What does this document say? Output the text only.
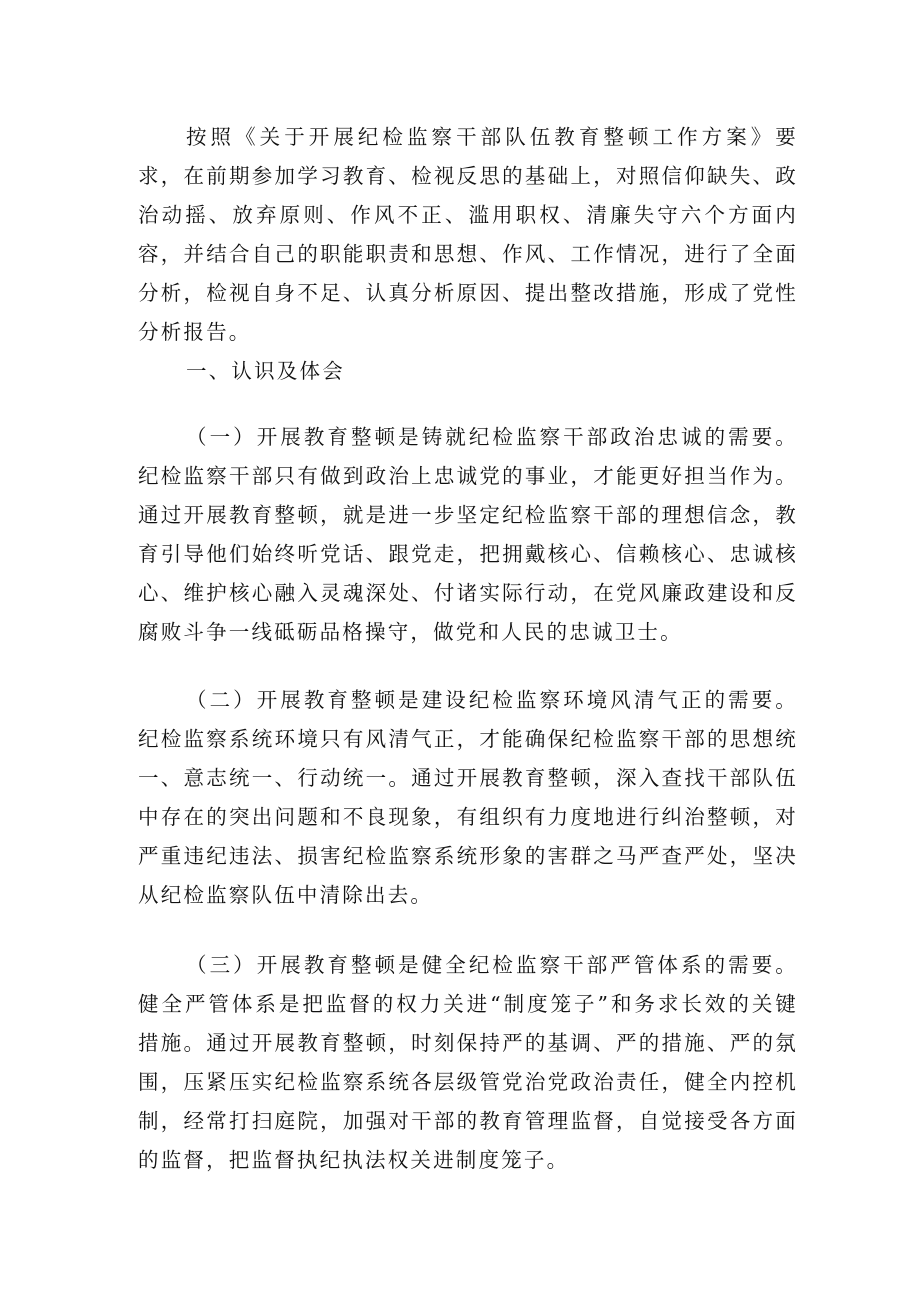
按照《关于开展纪检监察干部队伍教育整顿工作方案》要求，在前期参加学习教育、检视反思的基础上，对照信仰缺失、政治动摇、放弃原则、作风不正、滥用职权、清廉失守六个方面内容，并结合自己的职能职责和思想、作风、工作情况，进行了全面分析，检视自身不足、认真分析原因、提出整改措施，形成了党性分析报告。

一、认识及体会

（一）开展教育整顿是铸就纪检监察干部政治忠诚的需要。纪检监察干部只有做到政治上忠诚党的事业，才能更好担当作为。通过开展教育整顿，就是进一步坚定纪检监察干部的理想信念，教育引导他们始终听党话、跟党走，把拥戴核心、信赖核心、忠诚核心、维护核心融入灵魂深处、付诸实际行动，在党风廉政建设和反腐败斗争一线砥砺品格操守，做党和人民的忠诚卫士。

（二）开展教育整顿是建设纪检监察环境风清气正的需要。纪检监察系统环境只有风清气正，才能确保纪检监察干部的思想统一、意志统一、行动统一。通过开展教育整顿，深入查找干部队伍中存在的突出问题和不良现象，有组织有力度地进行纠治整顿，对严重违纪违法、损害纪检监察系统形象的害群之马严查严处，坚决从纪检监察队伍中清除出去。

（三）开展教育整顿是健全纪检监察干部严管体系的需要。健全严管体系是把监督的权力关进“制度笼子”和务求长效的关键措施。通过开展教育整顿，时刻保持严的基调、严的措施、严的氛围，压紧压实纪检监察系统各层级管党治党政治责任，健全内控机制，经常打扫庭院，加强对干部的教育管理监督，自觉接受各方面的监督，把监督执纪执法权关进制度笼子。
